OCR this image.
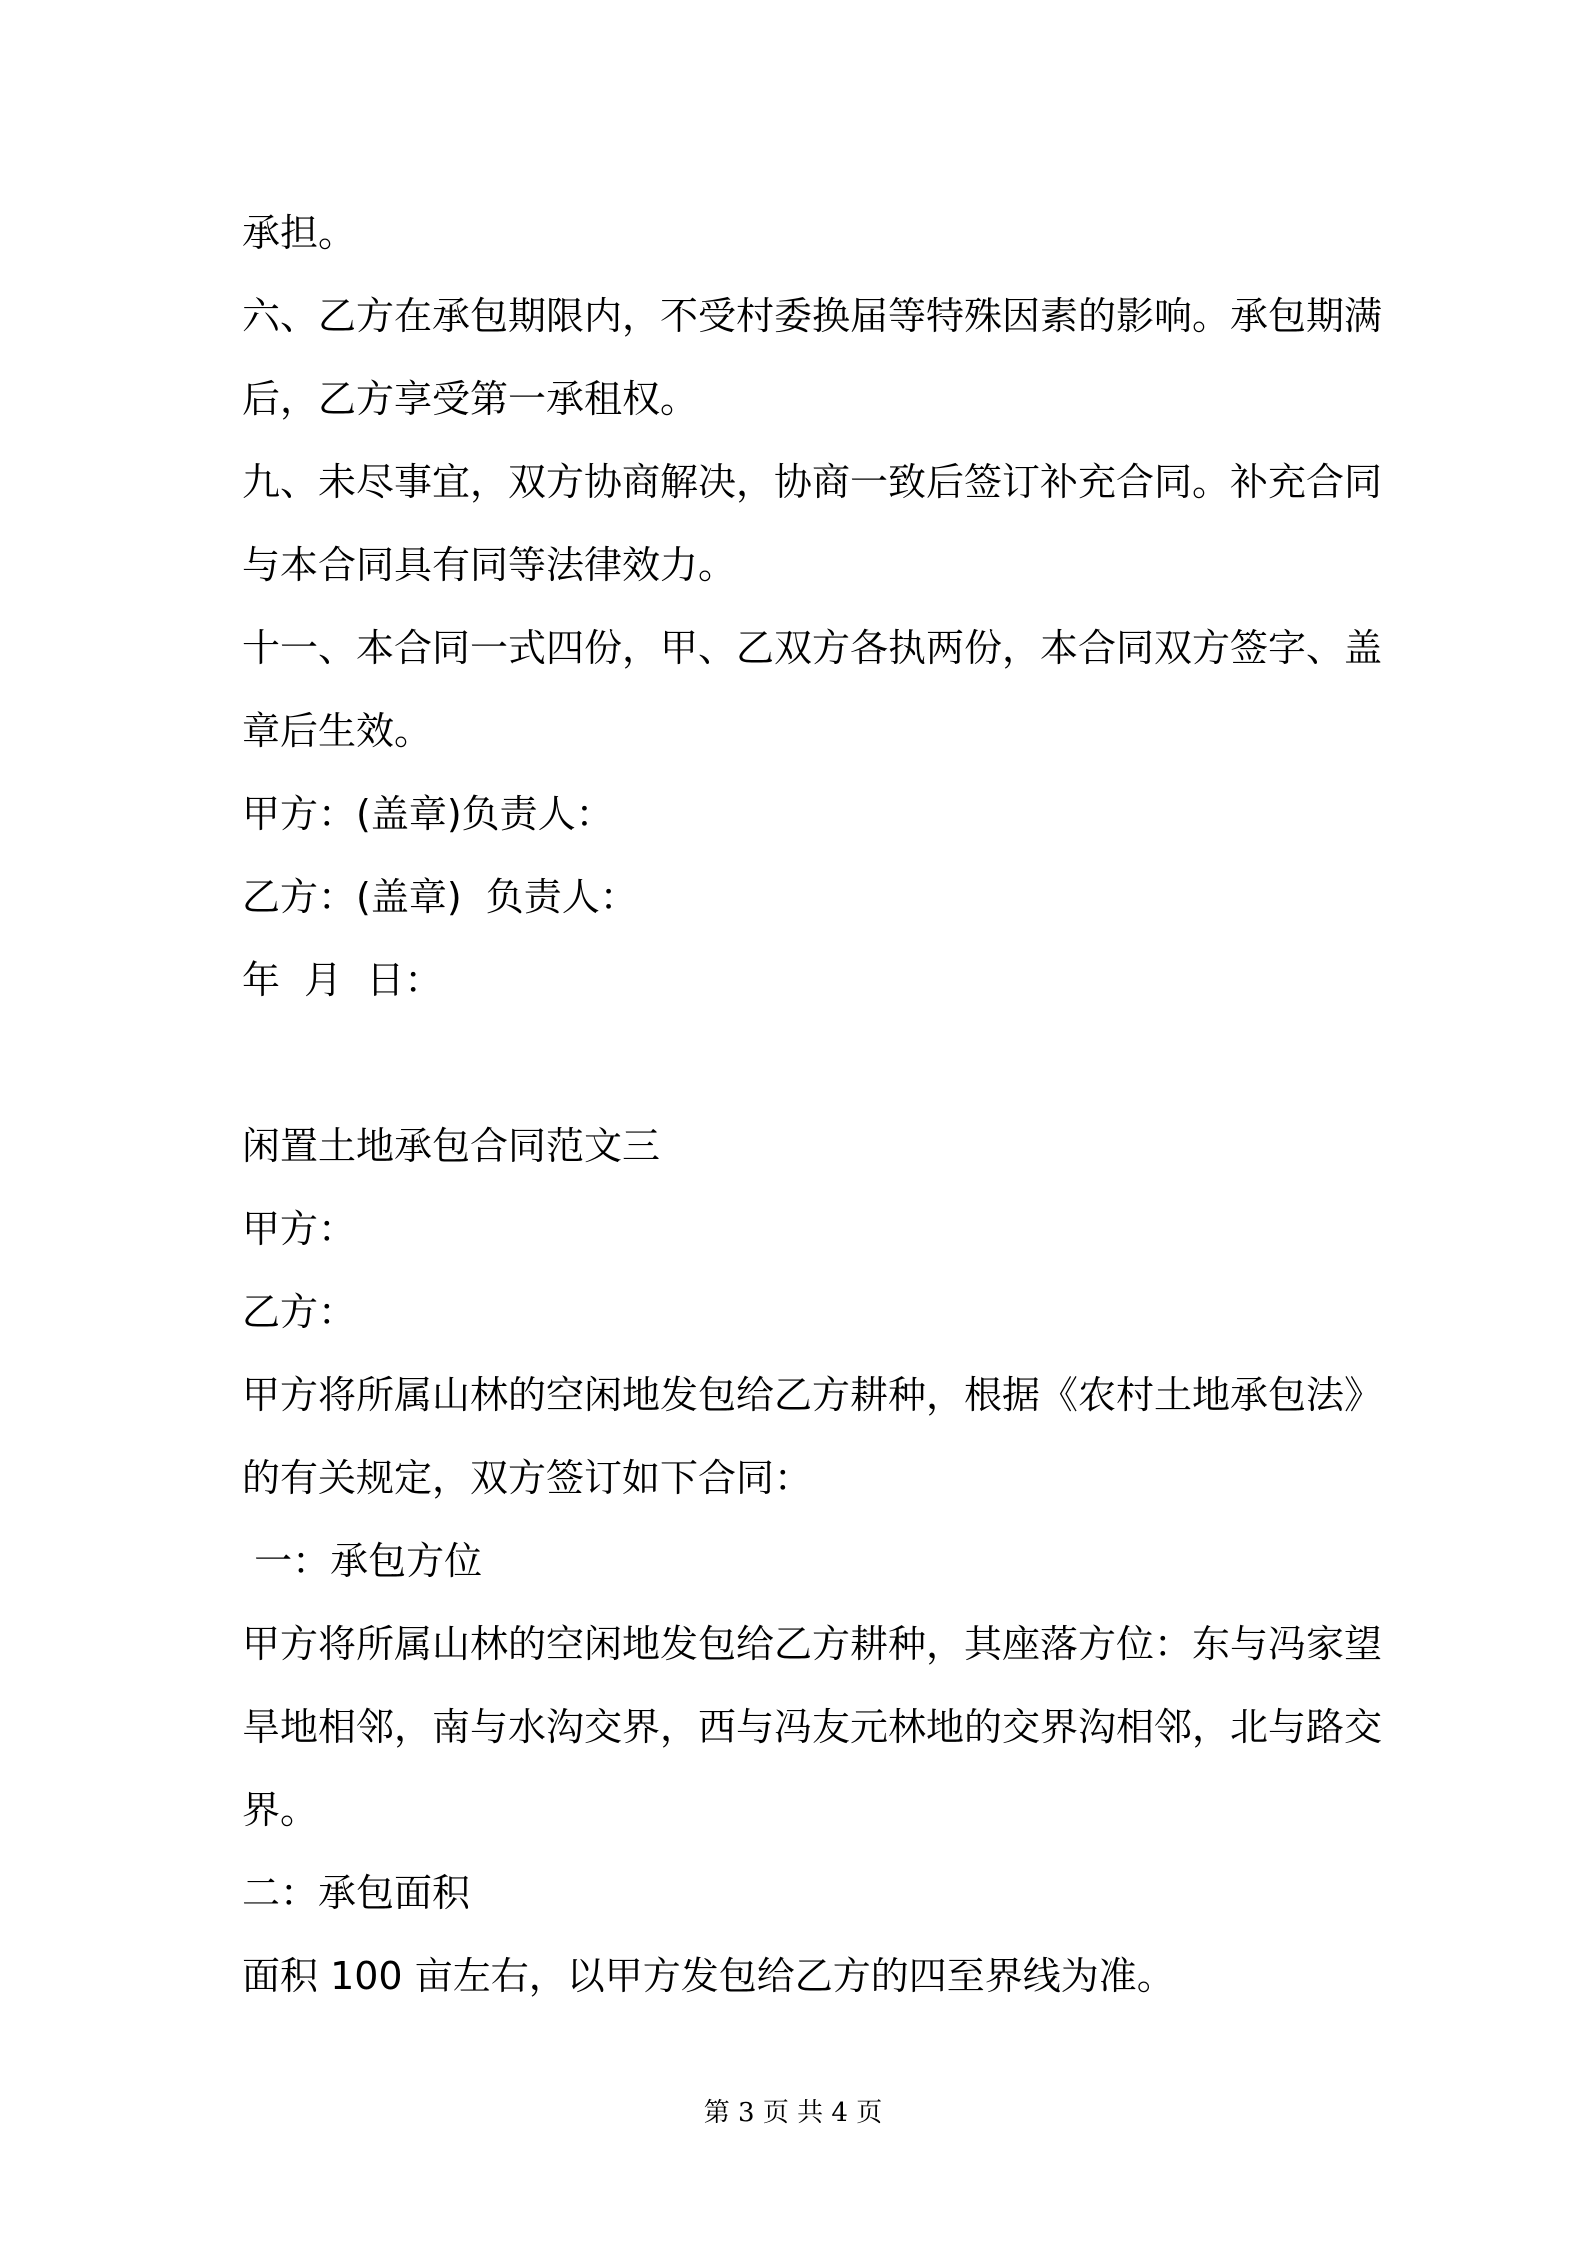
承担。
六、乙方在承包期限内，不受村委换届等特殊因素的影响。承包期满
后，乙方享受第一承租权。
九、未尽事宜，双方协商解决，协商一致后签订补充合同。补充合同
与本合同具有同等法律效力。
十一、本合同一式四份，甲、乙双方各执两份，本合同双方签字、盖
章后生效。
甲方：(盖章)负责人：
乙方：(盖章)  负责人：
年  月  日：
闲置土地承包合同范文三
甲方：
乙方：
甲方将所属山林的空闲地发包给乙方耕种，根据《农村土地承包法》
的有关规定，双方签订如下合同：
一：承包方位
甲方将所属山林的空闲地发包给乙方耕种，其座落方位：东与冯家望
旱地相邻，南与水沟交界，西与冯友元林地的交界沟相邻，北与路交
界。
二：承包面积
面积 100 亩左右，以甲方发包给乙方的四至界线为准。
第 3 页 共 4 页
